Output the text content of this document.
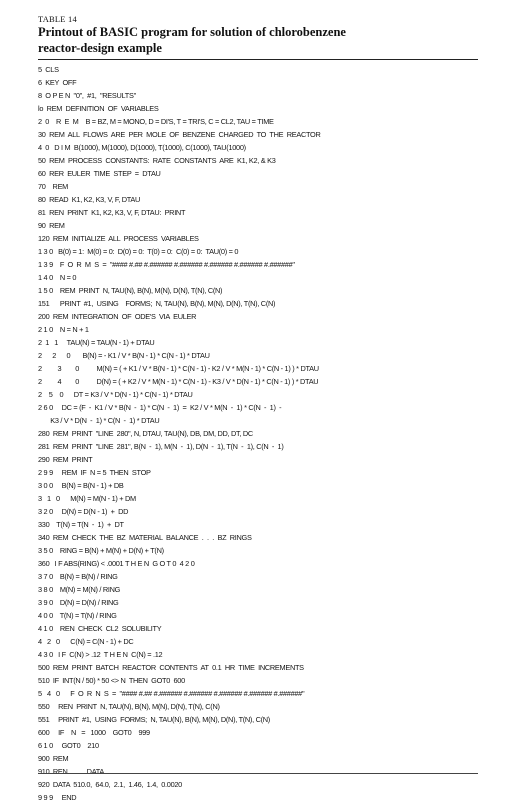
TABLE 14
Printout of BASIC program for solution of chlorobenzene reactor-design example
5  CLS
6  KEY  OFF
8  O P E N  "0",  #1,  "RESULTS"
lo  REM  DEFINITION  OF  VARIABLES
2  0    R  E  M    B = BZ, M = MONO, D = DI'S, T = TRI'S, C = CL2, TAU = TIME
30  REM  ALL  FLOWS  ARE  PER  MOLE  OF  BENZENE  CHARGED  TO  THE  REACTOR
4  0   D I M  B(1000), M(1000), D(1000), T(1000), C(1000), TAU(1000)
50  REM  PROCESS  CONSTANTS:  RATE  CONSTANTS  ARE  K1, K2, & K3
60  RER  EULER  TIME  STEP  =  DTAU
70    REM
80  READ  K1, K2, K3, V, F, DTAU
81  REN  PRINT  K1, K2, K3, V, F, DTAU:  PRINT
90  REM
120  REM  INITIALIZE  ALL  PROCESS  VARIABLES
1 3 0   B(0) = 1:  M(0) = 0:  D(0) = 0:  T(0) = 0:  C(0) = 0:  TAU(0) = 0
1 3 9    F  O  R  M  S  =  "#### #.## #.###### #.###### #.###### #.###### #.######"
1 4 0    N = 0
1 5 0    REM  PRINT  N, TAU(N), B(N), M(N), D(N), T(N), C(N)
151      PRINT  #1,  USING    FORMS;  N, TAU(N), B(N), M(N), D(N), T(N), C(N)
200  REM  INTEGRATION  OF  ODE'S  VIA  EULER
2 1 0    N = N + 1
2  1   1     TAU(N) = TAU(N - 1) + DTAU
2      2      0       B(N) = - K1 / V * B(N - 1) * C(N - 1) * DTAU
2         3        0          M(N) = ( + K1 / V * B(N - 1) * C(N - 1) - K2 / V * M(N - 1) * C(N - 1) ) * DTAU
2         4        0          D(N) = ( + K2 / V * M(N - 1) * C(N - 1) - K3 / V * D(N - 1) * C(N - 1) ) * DTAU
2    5    0      DT = K3 / V * D(N - 1) * C(N - 1) * DTAU
2 6 0     DC = (F  -  K1 / V * B(N  -  1) * C(N  -  1)  =  K2 / V * M(N  -  1) * C(N  -  1)  -
K3 / V * D(N  -  1) * C(N  -  1) * DTAU
280  REM  PRINT  "LINE  280", N, DTAU, TAU(N), DB, DM, DD, DT, DC
281  REM  PRINT  "LINE  281", B(N  -  1), M(N  -  1), D(N  -  1), T(N  -  1), C(N  -  1)
290  REM  PRINT
2 9 9     REM  IF  N = 5  THEN  STOP
3 0 0     B(N) = B(N - 1) + DB
3   1   0      M(N) = M(N - 1) + DM
3 2 0     D(N) = D(N - 1)  +  DD
330    T(N) = T(N  -  1)  +  DT
340  REM  CHECK  THE  BZ  MATERIAL  BALANCE  .  .  .  BZ  RINGS
3 5 0    RING = B(N) + M(N) + D(N) + T(N)
360   I F ABS(RING) < .0001 T H E N  G O T 0  4 2 0
3 7 0    B(N) = B(N) / RING
3 8 0    M(N) = M(N) / RING
3 9 0    D(N) = D(N) / RING
4 0 0    T(N) = T(N) / RING
4 1 0    REN  CHECK  CL2  SOLUBILITY
4   2   0      C(N) = C(N - 1) + DC
4 3 0   I F  C(N) > .12  T H E N  C(N) = .12
500  REM  PRINT  BATCH  REACTOR  CONTENTS  AT  0.1  HR  TIME  INCREMENTS
510  IF  INT(N / 50) * 50 <> N  THEN  GOT0  600
5   4   0      F  O  R  N  S  =  "#### #.## #.###### #.###### #.###### #.###### #.######"
550     REN  PRINT  N, TAU(N), B(N), M(N), D(N), T(N), C(N)
551     PRINT  #1,  USING  FORMS;  N, TAU(N), B(N), M(N), D(N), T(N), C(N)
600     IF    N   =   1000    GOT0    999
6 1 0     GOT0    210
900  REM
910  REN  .  .  .  DATA  .  .  .
920  DATA  510.0,  64.0,  2.1,  1.46,  1.4,  0.0020
9 9 9     END
